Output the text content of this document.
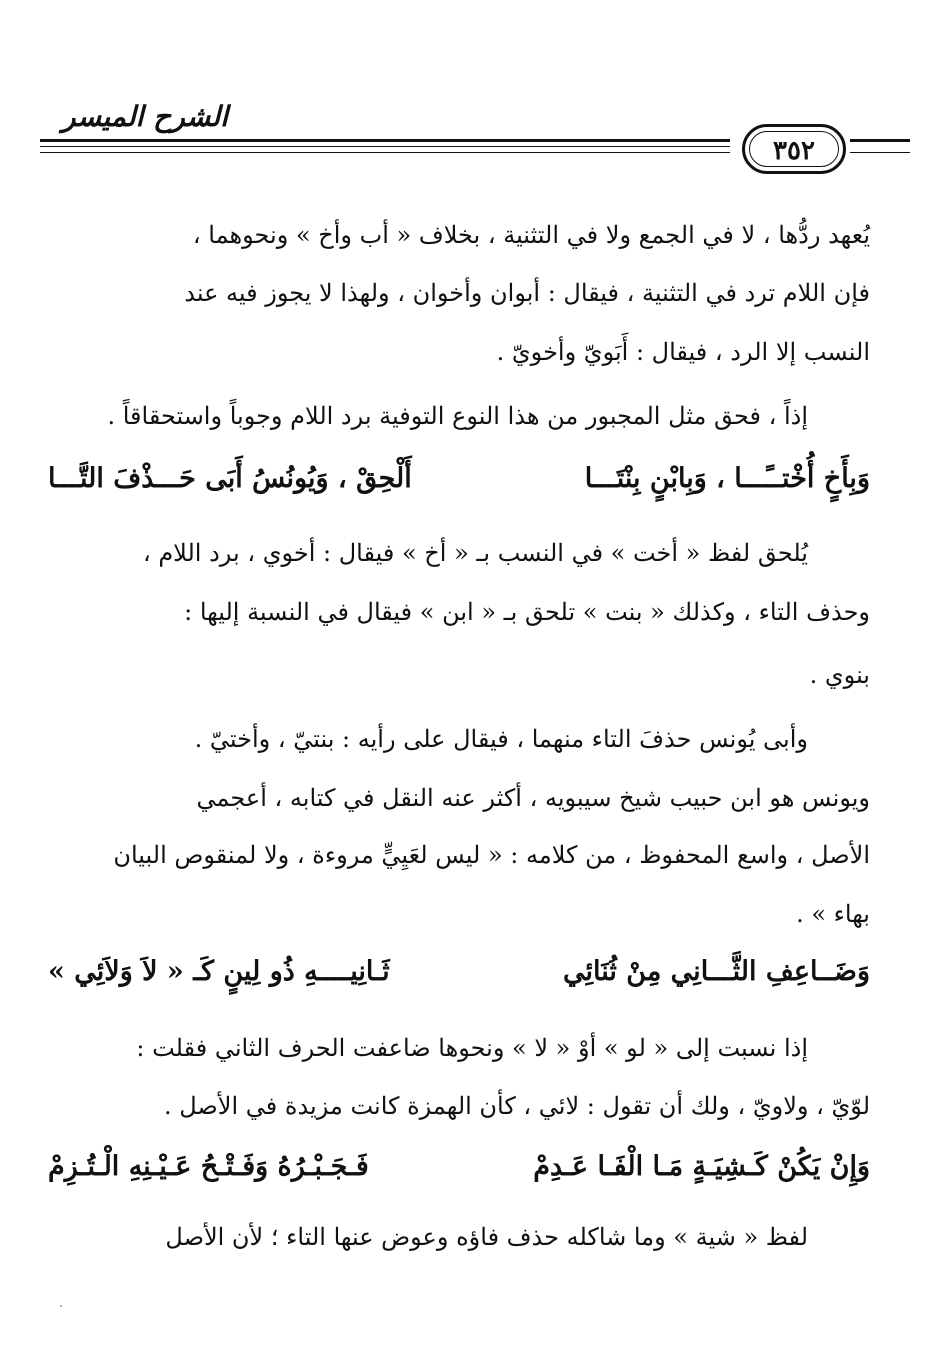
الشرح الميسر
٣٥٢
يُعهد ردُّها ، لا في الجمع ولا في التثنية ، بخلاف « أب وأخ » ونحوهما ،
فإن اللام ترد في التثنية ، فيقال : أبوان وأخوان ، ولهذا لا يجوز فيه عند
النسب إلا الرد ، فيقال : أَبَويّ وأخويّ .
إذاً ، فحق مثل المجبور من هذا النوع التوفية برد اللام وجوباً واستحقاقاً .
وَبِأَخٍ أُخْتــًـــا ، وَبِابْنٍ بِنْتَـــا
أَلْحِقْ ، وَيُونُسُ أَبَى حَـــذْفَ التَّـــا
يُلحق لفظ « أخت » في النسب بـ « أخ » فيقال : أخوي ، برد اللام ،
وحذف التاء ، وكذلك « بنت » تلحق بـ « ابن » فيقال في النسبة إليها :
بنوي .
وأبى يُونس حذفَ التاء منهما ، فيقال على رأيه : بنتيّ ، وأختيّ .
ويونس هو ابن حبيب شيخ سيبويه ، أكثر عنه النقل في كتابه ، أعجمي
الأصل ، واسع المحفوظ ، من كلامه : « ليس لعَيِيٍّ مروءة ، ولا لمنقوص البيان
بهاء » .
وَضَــاعِفِ الثَّـــانِي مِنْ ثُنَائِي
ثَـانِيــــهِ ذُو لِينٍ كَـ « لاَ وَلاَئِي »
إذا نسبت إلى « لو » أوْ « لا » ونحوها ضاعفت الحرف الثاني فقلت :
لوّيّ ، ولاويّ ، ولك أن تقول : لائي ، كأن الهمزة كانت مزيدة في الأصل .
وَإِنْ يَكُنْ كَـشِيَـةٍ مَـا الْفَـا عَـدِمْ
فَـجَـبْـرُهُ وَفَـتْـحُ عَـيْـنِهِ الْـتُـزِمْ
لفظ « شية » وما شاكله حذف فاؤه وعوض عنها التاء ؛ لأن الأصل
